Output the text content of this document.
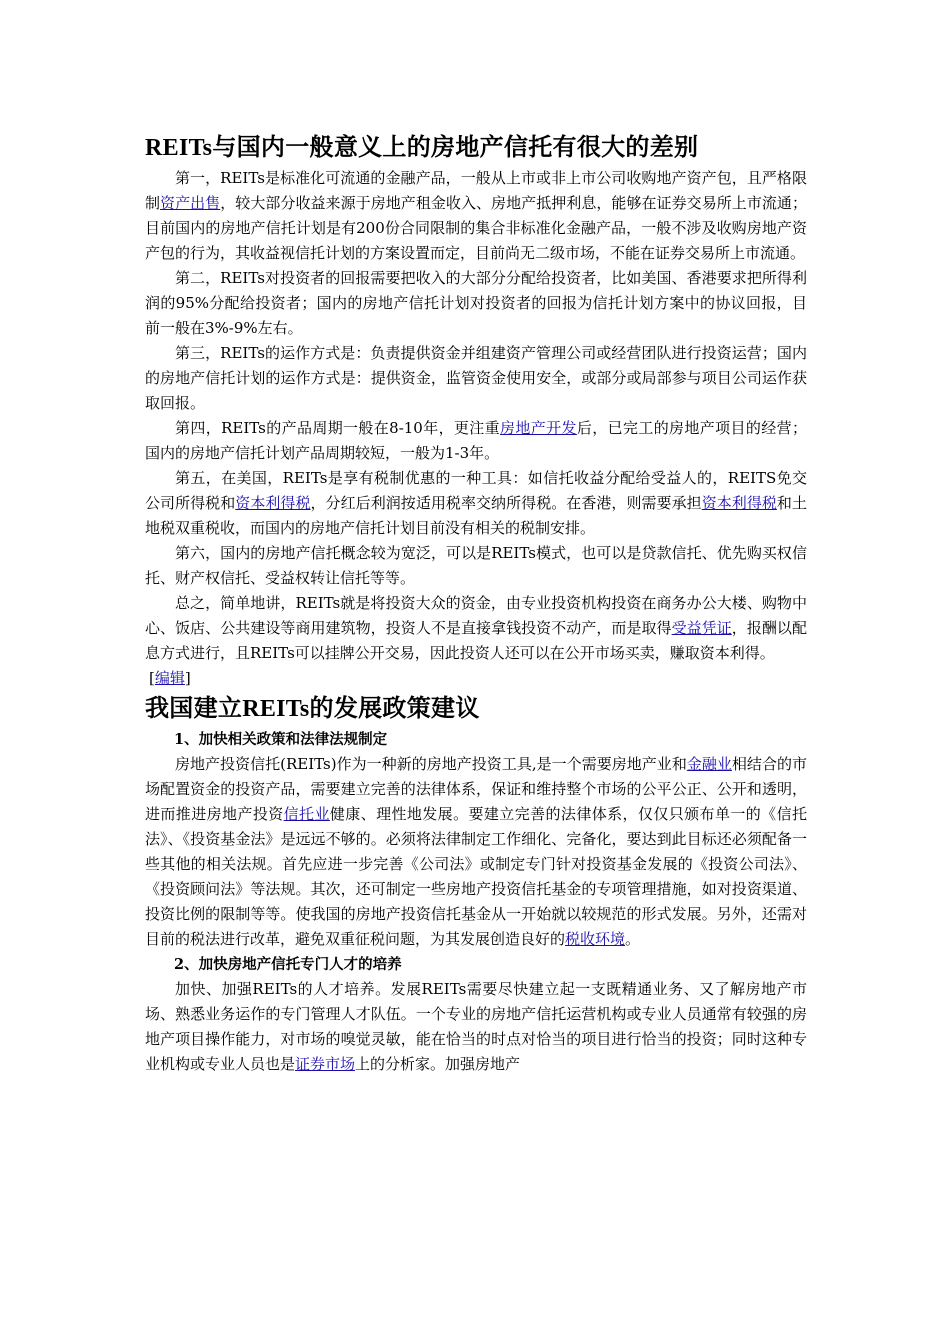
REITs与国内一般意义上的房地产信托有很大的差别

第一，REITs是标准化可流通的金融产品，一般从上市或非上市公司收购地产资产包，且严格限制资产出售，较大部分收益来源于房地产租金收入、房地产抵押利息，能够在证券交易所上市流通；目前国内的房地产信托计划是有200份合同限制的集合非标准化金融产品，一般不涉及收购房地产资产包的行为，其收益视信托计划的方案设置而定，目前尚无二级市场，不能在证券交易所上市流通。

第二，REITs对投资者的回报需要把收入的大部分分配给投资者，比如美国、香港要求把所得利润的95%分配给投资者；国内的房地产信托计划对投资者的回报为信托计划方案中的协议回报，目前一般在3%-9%左右。

第三，REITs的运作方式是：负责提供资金并组建资产管理公司或经营团队进行投资运营；国内的房地产信托计划的运作方式是：提供资金，监管资金使用安全，或部分或局部参与项目公司运作获取回报。

第四，REITs的产品周期一般在8-10年，更注重房地产开发后，已完工的房地产项目的经营；国内的房地产信托计划产品周期较短，一般为1-3年。

第五，在美国，REITs是享有税制优惠的一种工具：如信托收益分配给受益人的，REITS免交公司所得税和资本利得税，分红后利润按适用税率交纳所得税。在香港，则需要承担资本利得税和土地税双重税收，而国内的房地产信托计划目前没有相关的税制安排。

第六，国内的房地产信托概念较为宽泛，可以是REITs模式，也可以是贷款信托、优先购买权信托、财产权信托、受益权转让信托等等。

总之，简单地讲，REITs就是将投资大众的资金，由专业投资机构投资在商务办公大楼、购物中心、饭店、公共建设等商用建筑物，投资人不是直接拿钱投资不动产，而是取得受益凭证，报酬以配息方式进行，且REITs可以挂牌公开交易，因此投资人还可以在公开市场买卖，赚取资本利得。

[编辑]

我国建立REITs的发展政策建议

1、加快相关政策和法律法规制定

房地产投资信托(REITs)作为一种新的房地产投资工具,是一个需要房地产业和金融业相结合的市场配置资金的投资产品，需要建立完善的法律体系，保证和维持整个市场的公平公正、公开和透明，进而推进房地产投资信托业健康、理性地发展。要建立完善的法律体系，仅仅只颁布单一的《信托法》、《投资基金法》是远远不够的。必须将法律制定工作细化、完备化，要达到此目标还必须配备一些其他的相关法规。首先应进一步完善《公司法》或制定专门针对投资基金发展的《投资公司法》、《投资顾问法》等法规。其次，还可制定一些房地产投资信托基金的专项管理措施，如对投资渠道、投资比例的限制等等。使我国的房地产投资信托基金从一开始就以较规范的形式发展。另外，还需对目前的税法进行改革，避免双重征税问题，为其发展创造良好的税收环境。

2、加快房地产信托专门人才的培养

加快、加强REITs的人才培养。发展REITs需要尽快建立起一支既精通业务、又了解房地产市场、熟悉业务运作的专门管理人才队伍。一个专业的房地产信托运营机构或专业人员通常有较强的房地产项目操作能力，对市场的嗅觉灵敏，能在恰当的时点对恰当的项目进行恰当的投资；同时这种专业机构或专业人员也是证券市场上的分析家。加强房地产
